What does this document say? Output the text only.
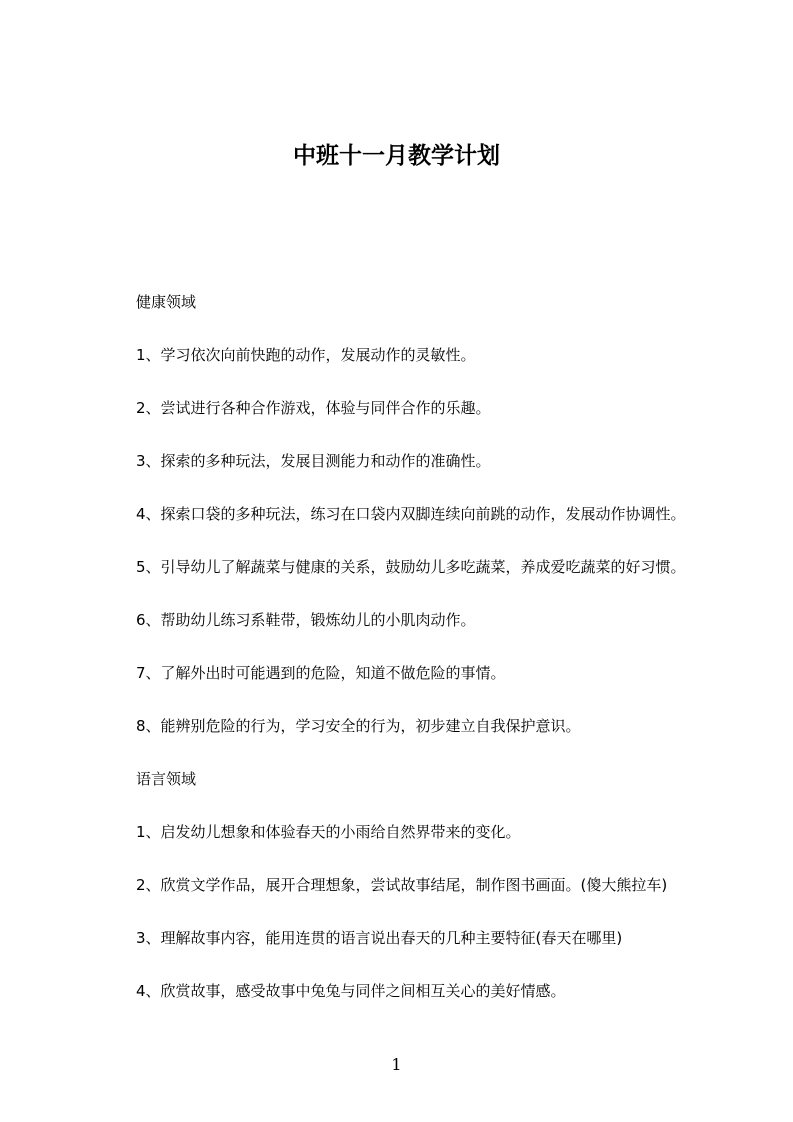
中班十一月教学计划
健康领域
1、学习依次向前快跑的动作，发展动作的灵敏性。
2、尝试进行各种合作游戏，体验与同伴合作的乐趣。
3、探索的多种玩法，发展目测能力和动作的准确性。
4、探索口袋的多种玩法，练习在口袋内双脚连续向前跳的动作，发展动作协调性。
5、引导幼儿了解蔬菜与健康的关系，鼓励幼儿多吃蔬菜，养成爱吃蔬菜的好习惯。
6、帮助幼儿练习系鞋带，锻炼幼儿的小肌肉动作。
7、了解外出时可能遇到的危险，知道不做危险的事情。
8、能辨别危险的行为，学习安全的行为，初步建立自我保护意识。
语言领域
1、启发幼儿想象和体验春天的小雨给自然界带来的变化。
2、欣赏文学作品，展开合理想象，尝试故事结尾，制作图书画面。(傻大熊拉车)
3、理解故事内容，能用连贯的语言说出春天的几种主要特征(春天在哪里)
4、欣赏故事，感受故事中兔兔与同伴之间相互关心的美好情感。
1
